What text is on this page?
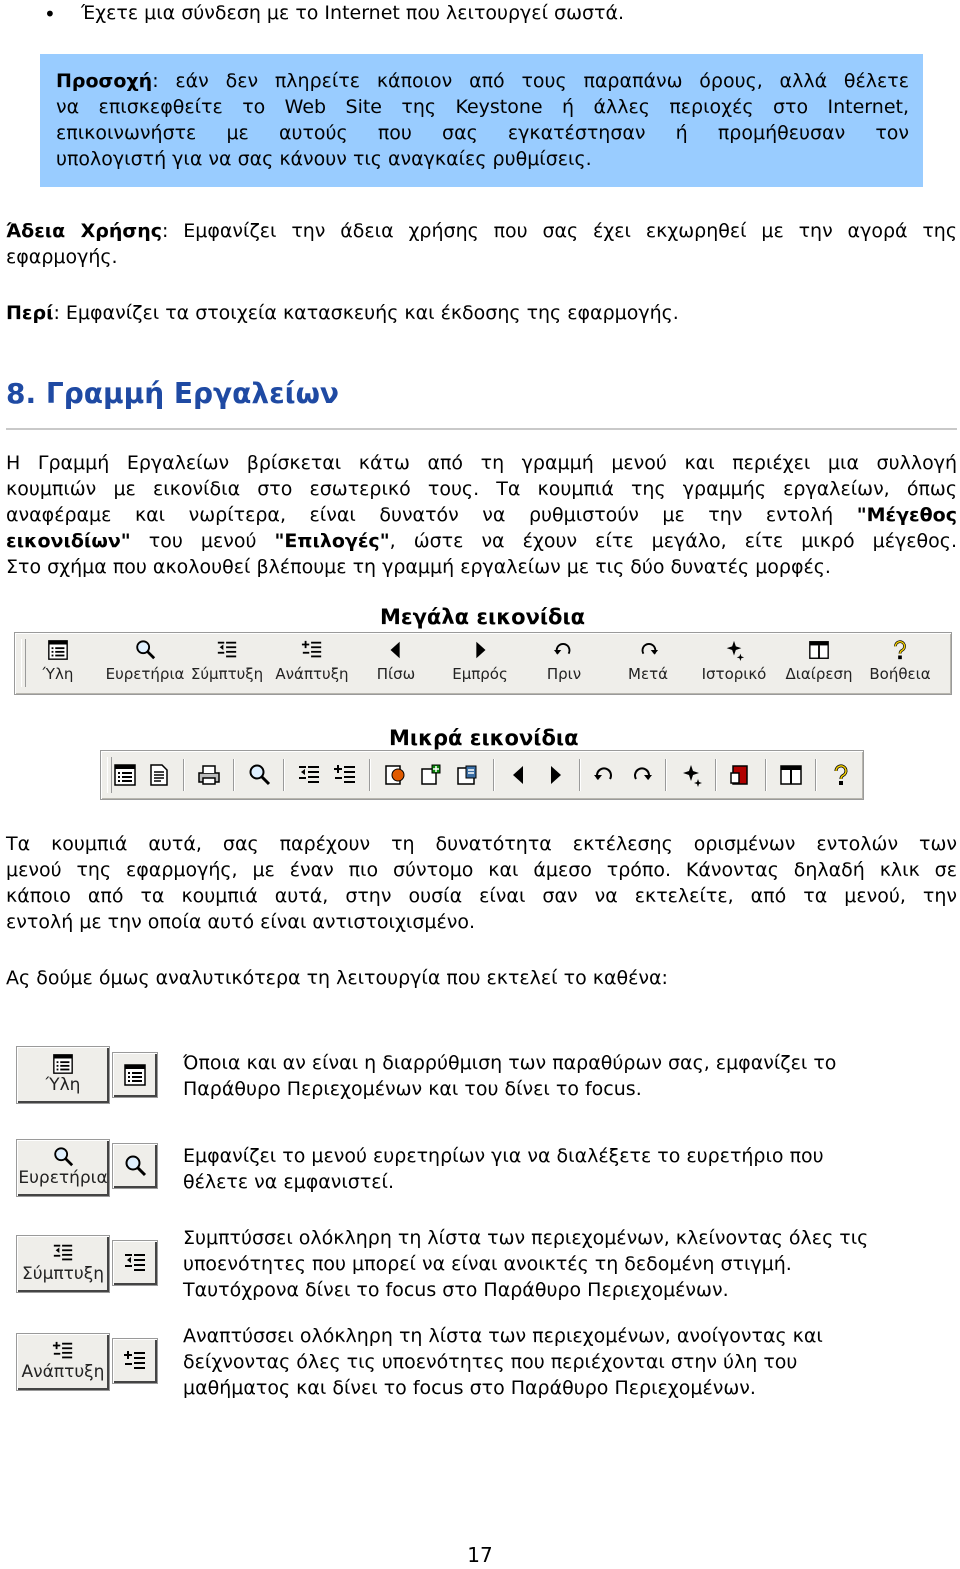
• Έχετε μια σύνδεση με το Internet που λειτουργεί σωστά.
Προσοχή: εάν δεν πληρείτε κάποιον από τους παραπάνω όρους, αλλά θέλετε
να επισκεφθείτε το Web Site της Keystone ή άλλες περιοχές στο Internet,
επικοινωνήστε με αυτούς που σας εγκατέστησαν ή προμήθευσαν τον
υπολογιστή για να σας κάνουν τις αναγκαίες ρυθμίσεις.
Άδεια Χρήσης: Εμφανίζει την άδεια χρήσης που σας έχει εκχωρηθεί με την αγορά της
εφαρμογής.
Περί: Εμφανίζει τα στοιχεία κατασκευής και έκδοσης της εφαρμογής.
8. Γραμμή Εργαλείων
Η Γραμμή Εργαλείων βρίσκεται κάτω από τη γραμμή μενού και περιέχει μια συλλογή
κουμπιών με εικονίδια στο εσωτερικό τους. Τα κουμπιά της γραμμής εργαλείων, όπως
αναφέραμε και νωρίτερα, είναι δυνατόν να ρυθμιστούν με την εντολή "Μέγεθος
εικονιδίων" του μενού "Επιλογές", ώστε να έχουν είτε μεγάλο, είτε μικρό μέγεθος.
Στο σχήμα που ακολουθεί βλέπουμε τη γραμμή εργαλείων με τις δύο δυνατές μορφές.
Μεγάλα εικονίδια
Ύλη	Ευρετήρια Σύμπτυξη Ανάπτυξη	Πίσω	Εμπρός	Πριν	Μετά	Ιστορικό	Διαίρεση	Βοήθεια
Μικρά εικονίδια
Τα κουμπιά αυτά, σας παρέχουν τη δυνατότητα εκτέλεσης ορισμένων εντολών των
μενού της εφαρμογής, με έναν πιο σύντομο και άμεσο τρόπο. Κάνοντας δηλαδή κλικ σε
κάποιο από τα κουμπιά αυτά, στην ουσία είναι σαν να εκτελείτε, από τα μενού, την
εντολή με την οποία αυτό είναι αντιστοιχισμένο.
Ας δούμε όμως αναλυτικότερα τη λειτουργία που εκτελεί το καθένα:
Ύλη
Όποια και αν είναι η διαρρύθμιση των παραθύρων σας, εμφανίζει το
Παράθυρο Περιεχομένων και του δίνει το focus.
Ευρετήρια
Εμφανίζει το μενού ευρετηρίων για να διαλέξετε το ευρετήριο που
θέλετε να εμφανιστεί.
Σύμπτυξη
Συμπτύσσει ολόκληρη τη λίστα των περιεχομένων, κλείνοντας όλες τις
υποενότητες που μπορεί να είναι ανοικτές τη δεδομένη στιγμή.
Ταυτόχρονα δίνει το focus στο Παράθυρο Περιεχομένων.
Ανάπτυξη
Αναπτύσσει ολόκληρη τη λίστα των περιεχομένων, ανοίγοντας και
δείχνοντας όλες τις υποενότητες που περιέχονται στην ύλη του
μαθήματος και δίνει το focus στο Παράθυρο Περιεχομένων.
17
